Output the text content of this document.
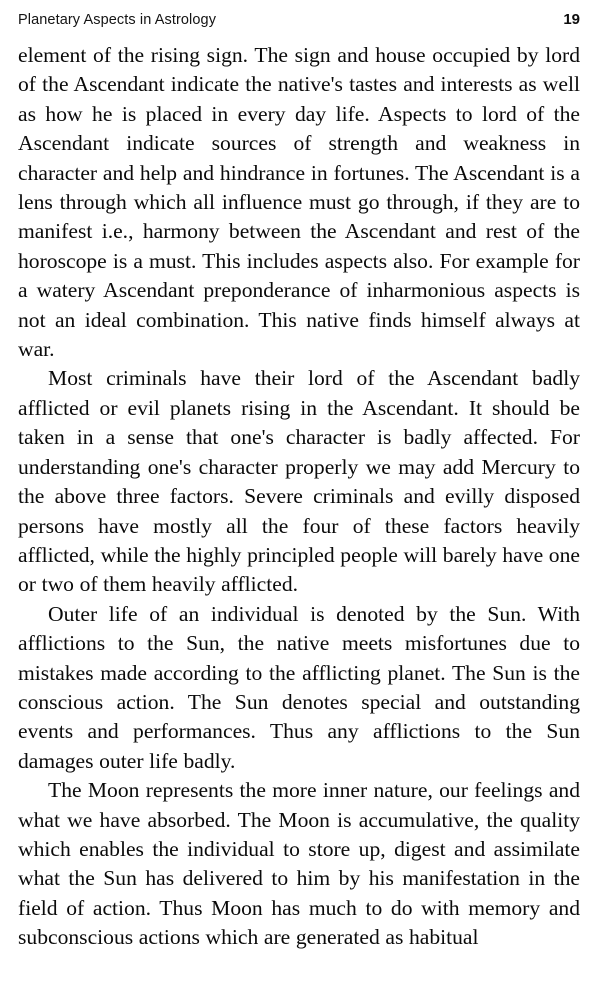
Planetary Aspects in Astrology	19

element of the rising sign. The sign and house occupied by lord of the Ascendant indicate the native's tastes and interests as well as how he is placed in every day life. Aspects to lord of the Ascendant indicate sources of strength and weakness in character and help and hindrance in fortunes. The Ascendant is a lens through which all influence must go through, if they are to manifest i.e., harmony between the Ascendant and rest of the horoscope is a must. This includes aspects also. For example for a watery Ascendant preponderance of inharmonious aspects is not an ideal combination. This native finds himself always at war.

Most criminals have their lord of the Ascendant badly afflicted or evil planets rising in the Ascendant. It should be taken in a sense that one's character is badly affected. For understanding one's character properly we may add Mercury to the above three factors. Severe criminals and evilly disposed persons have mostly all the four of these factors heavily afflicted, while the highly principled people will barely have one or two of them heavily afflicted.

Outer life of an individual is denoted by the Sun. With afflictions to the Sun, the native meets misfortunes due to mistakes made according to the afflicting planet. The Sun is the conscious action. The Sun denotes special and outstanding events and performances. Thus any afflictions to the Sun damages outer life badly.

The Moon represents the more inner nature, our feelings and what we have absorbed. The Moon is accumulative, the quality which enables the individual to store up, digest and assimilate what the Sun has delivered to him by his manifestation in the field of action. Thus Moon has much to do with memory and subconscious actions which are generated as habitual
